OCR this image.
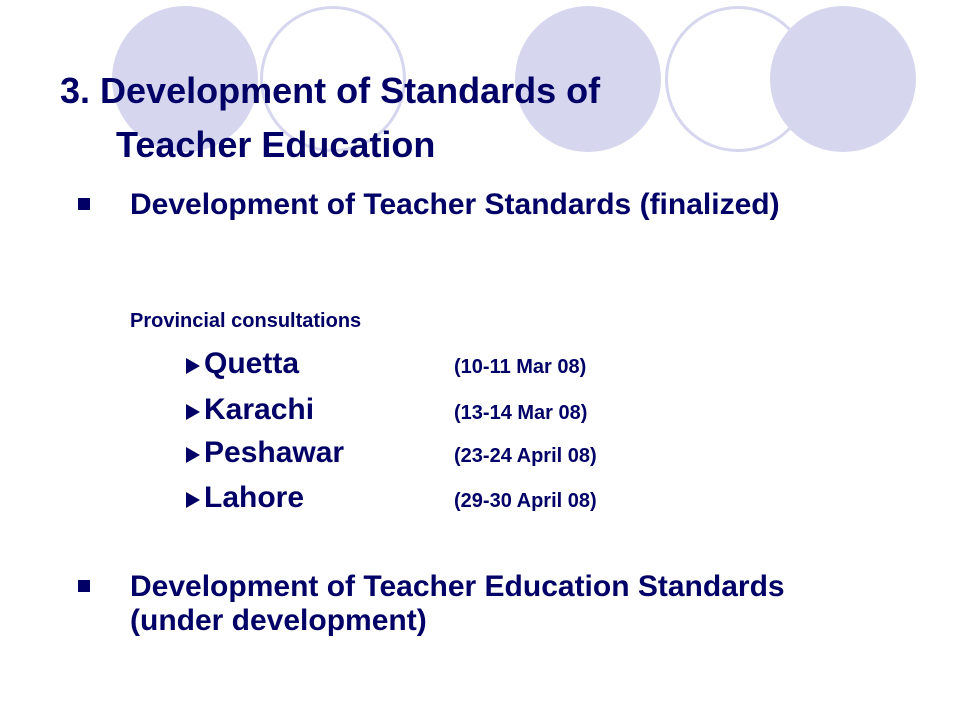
3. Development of Standards of
Teacher Education
Development of Teacher Standards (finalized)
Provincial consultations
Quetta	(10-11 Mar 08)
Karachi	(13-14 Mar 08)
Peshawar	(23-24 April 08)
Lahore	(29-30 April 08)
Development of Teacher Education Standards (under development)
